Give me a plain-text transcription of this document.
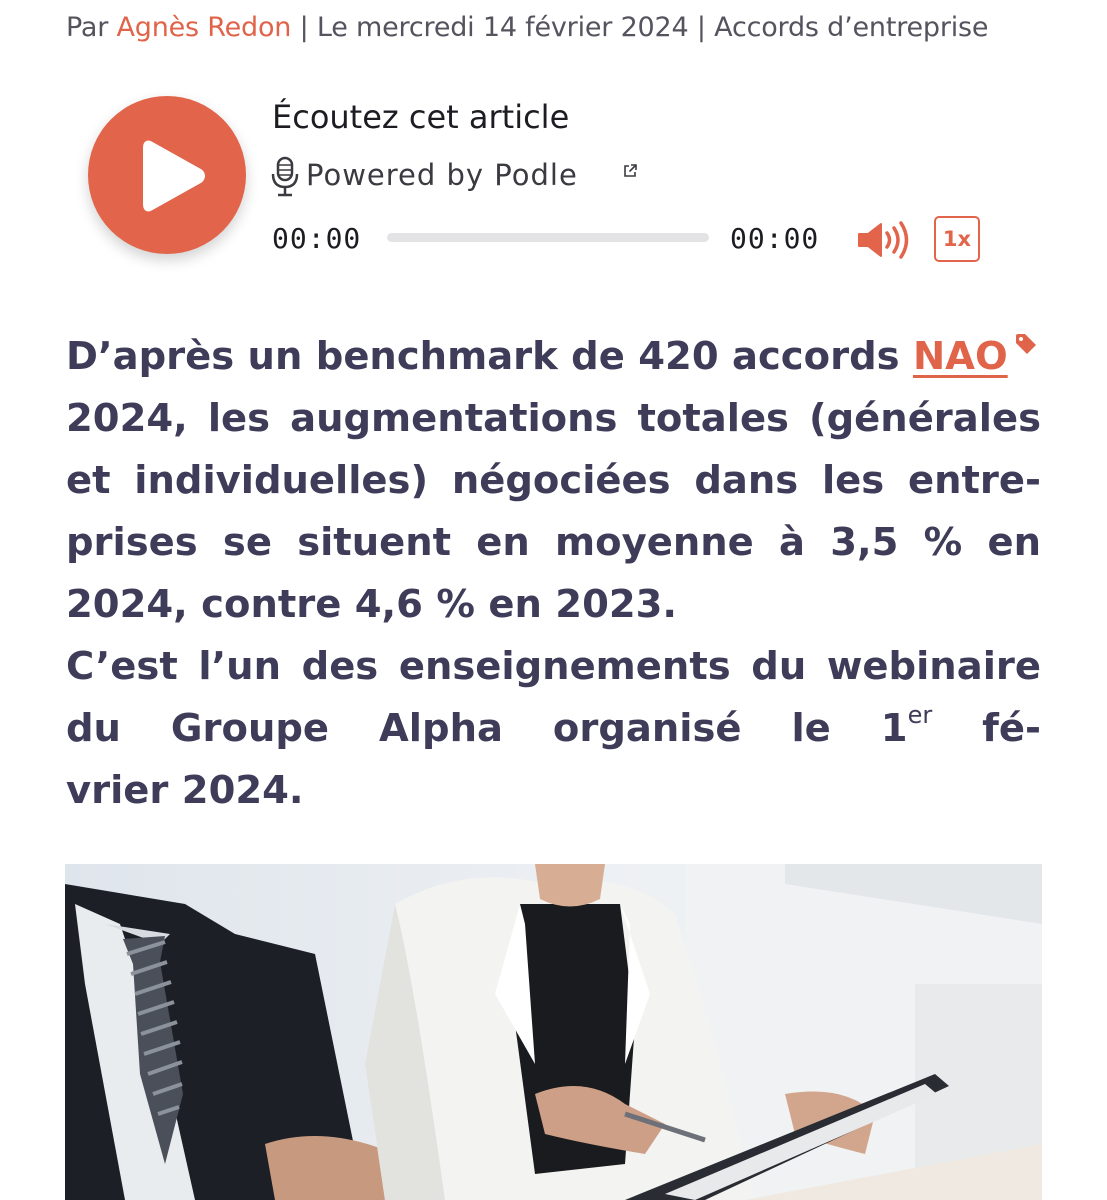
Par Agnès Redon | Le mercredi 14 février 2024 | Accords d’entreprise
Écoutez cet article
Powered by Podle
00:00	00:00	1x
D’après un benchmark de 420 accords NAO
2024, les augmentations totales (générales
et individuelles) négociées dans les entre-
prises se situent en moyenne à 3,5 % en
2024, contre 4,6 % en 2023.
C’est l’un des enseignements du webinaire
du Groupe Alpha organisé le 1er fé-
vrier 2024.
